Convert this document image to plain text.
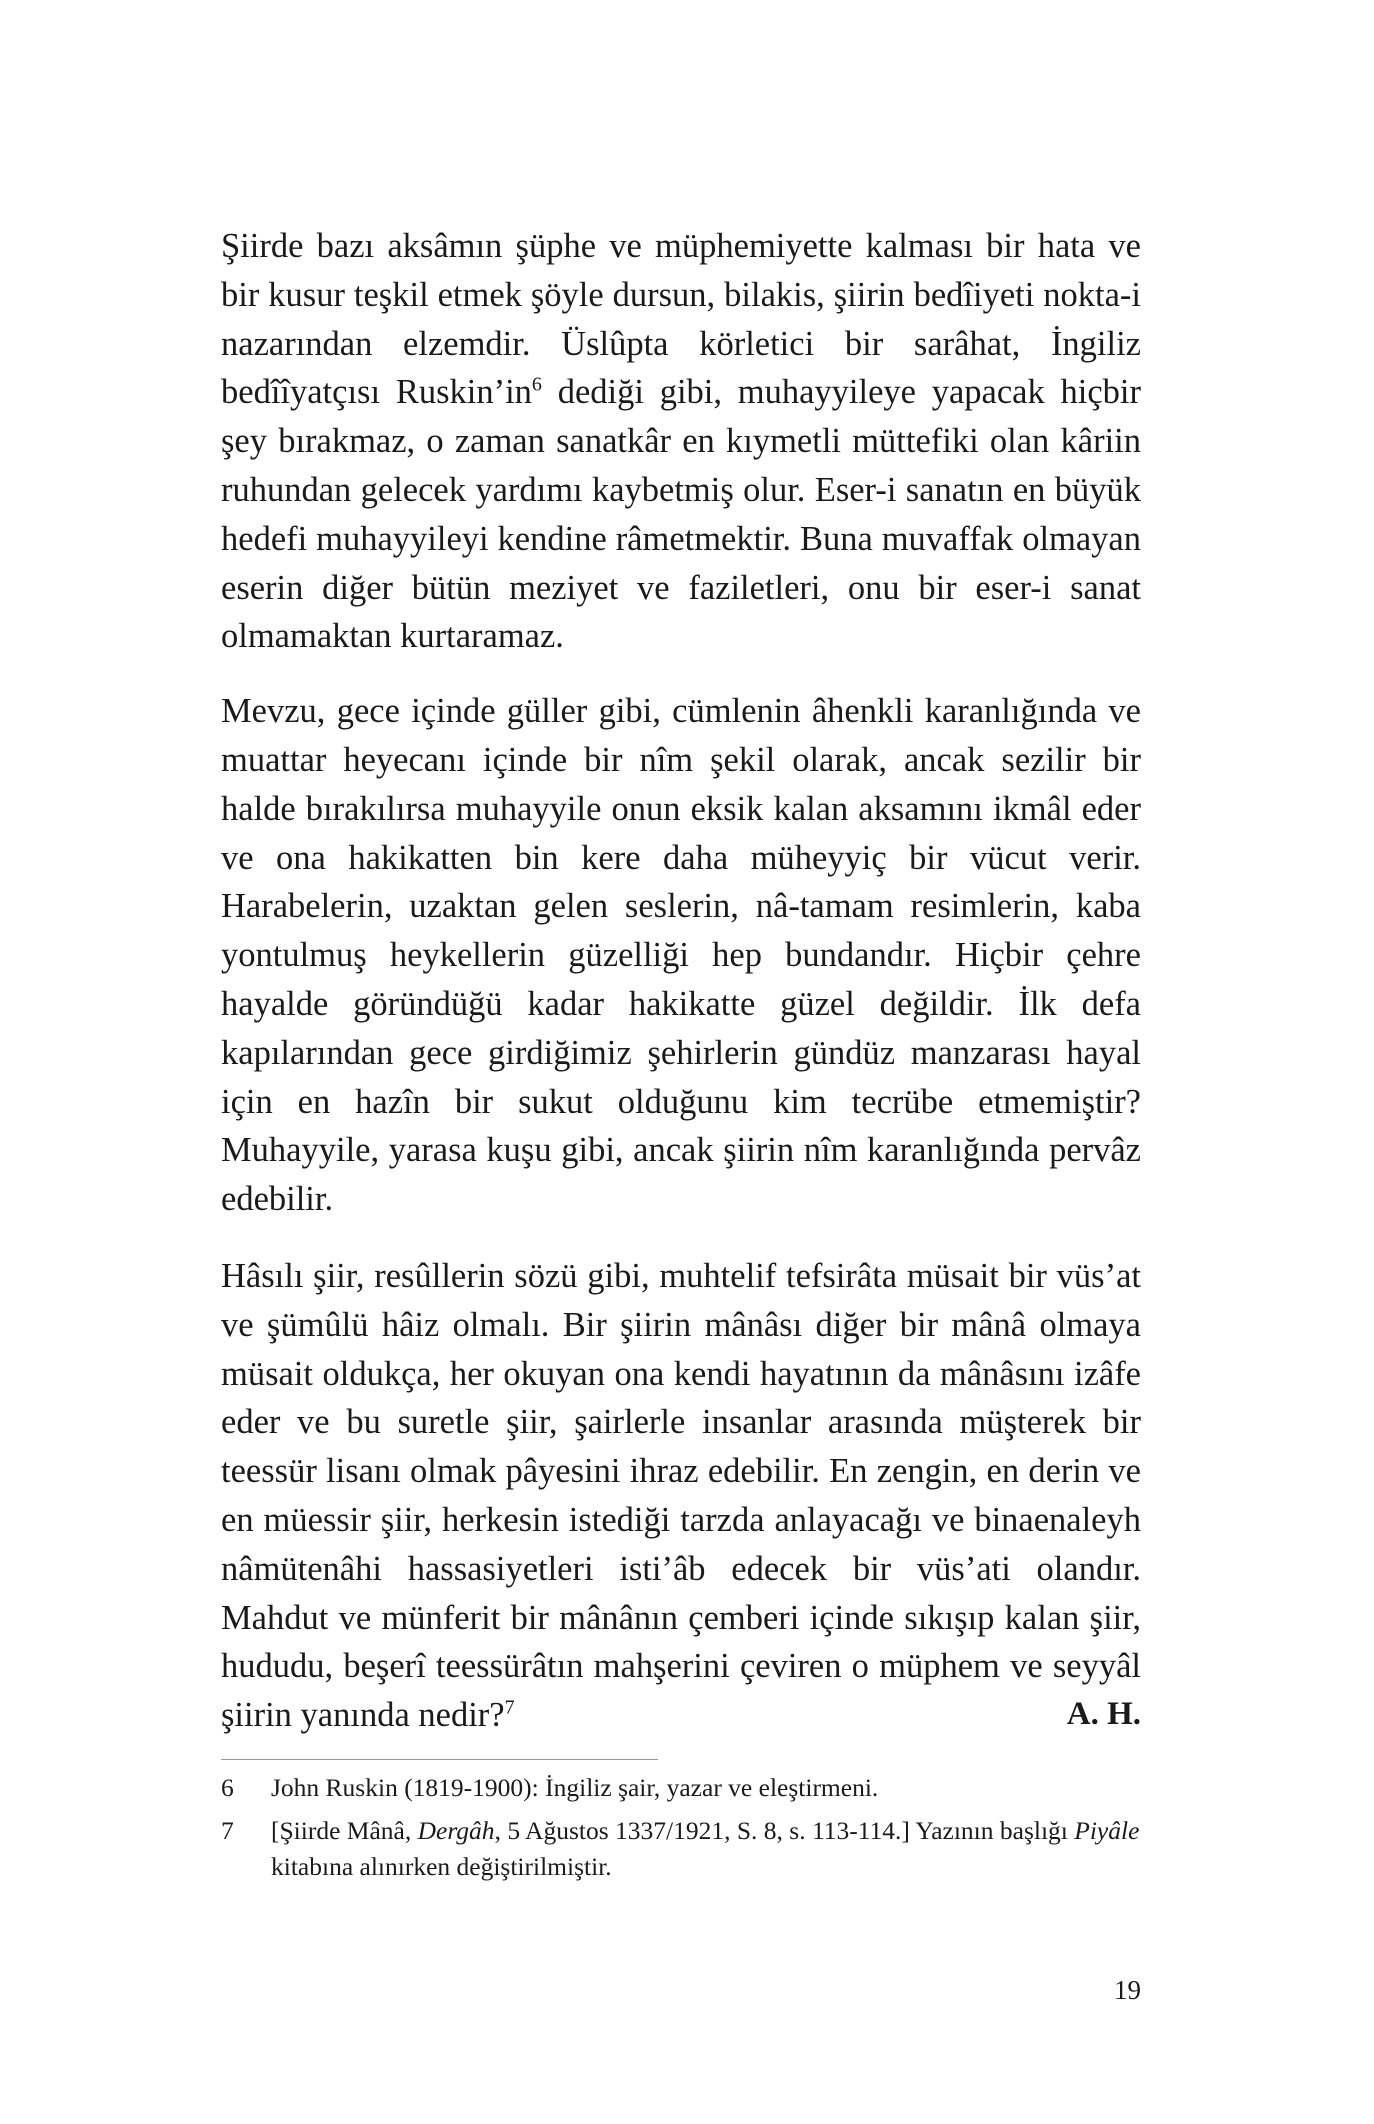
Şiirde bazı aksâmın şüphe ve müphemiyette kalması bir hata ve bir kusur teşkil etmek şöyle dursun, bilakis, şiirin bedîiyeti nokta-i nazarından elzemdir. Üslûpta körletici bir sarâhat, İngiliz bedîîyatçısı $Ruskin’in^6$ dediği gibi, muhayyileye yapacak hiçbir şey bırakmaz, o zaman sanatkâr en kıymetli müttefiki olan kâriin ruhundan gelecek yardımı kaybetmiş olur. Eser-i sanatın en büyük hedefi muhayyileyi kendine râmetmektir. Buna muvaffak olmayan eserin diğer bütün meziyet ve faziletleri, onu bir eser-i sanat olmamaktan kurtaramaz.

Mevzu, gece içinde güller gibi, cümlenin âhenkli karanlığında ve muattar heyecanı içinde bir nîm şekil olarak, ancak sezilir bir halde bırakılırsa muhayyile onun eksik kalan aksamını ikmâl eder ve ona hakikatten bin kere daha müheyyiç bir vücut verir. Harabelerin, uzaktan gelen seslerin, nâ-tamam resimlerin, kaba yontulmuş heykellerin güzelliği hep bundandır. Hiçbir çehre hayalde göründüğü kadar hakikatte güzel değildir. İlk defa kapılarından gece girdiğimiz şehirlerin gündüz manzarası hayal için en hazîn bir sukut olduğunu kim tecrübe etmemiştir? Muhayyile, yarasa kuşu gibi, ancak şiirin nîm karanlığında pervâz edebilir.

Hâsılı şiir, resûllerin sözü gibi, muhtelif tefsirâta müsait bir vüs’at ve şümûlü hâiz olmalı. Bir şiirin mânâsı diğer bir mânâ olmaya müsait oldukça, her okuyan ona kendi hayatının da mânâsını izâfe eder ve bu suretle şiir, şairlerle insanlar arasında müşterek bir teessür lisanı olmak pâyesini ihraz edebilir. En zengin, en derin ve en müessir şiir, herkesin istediği tarzda anlayacağı ve binaenaleyh nâmütenâhi hassasiyetleri isti’âb edecek bir vüs’ati olandır. Mahdut ve münferit bir mânânın çemberi içinde sıkışıp kalan şiir, hududu, beşerî teessürâtın mahşerini çeviren o müphem ve seyyâl şiirin yanında nedir?$^7$	A. H.
6	John Ruskin (1819-1900): İngiliz şair, yazar ve eleştirmeni.
7	[Şiirde Mânâ, Dergâh, 5 Ağustos 1337/1921, S. 8, s. 113-114.] Yazının başlığı Piyâle kitabına alınırken değiştirilmiştir.
19
